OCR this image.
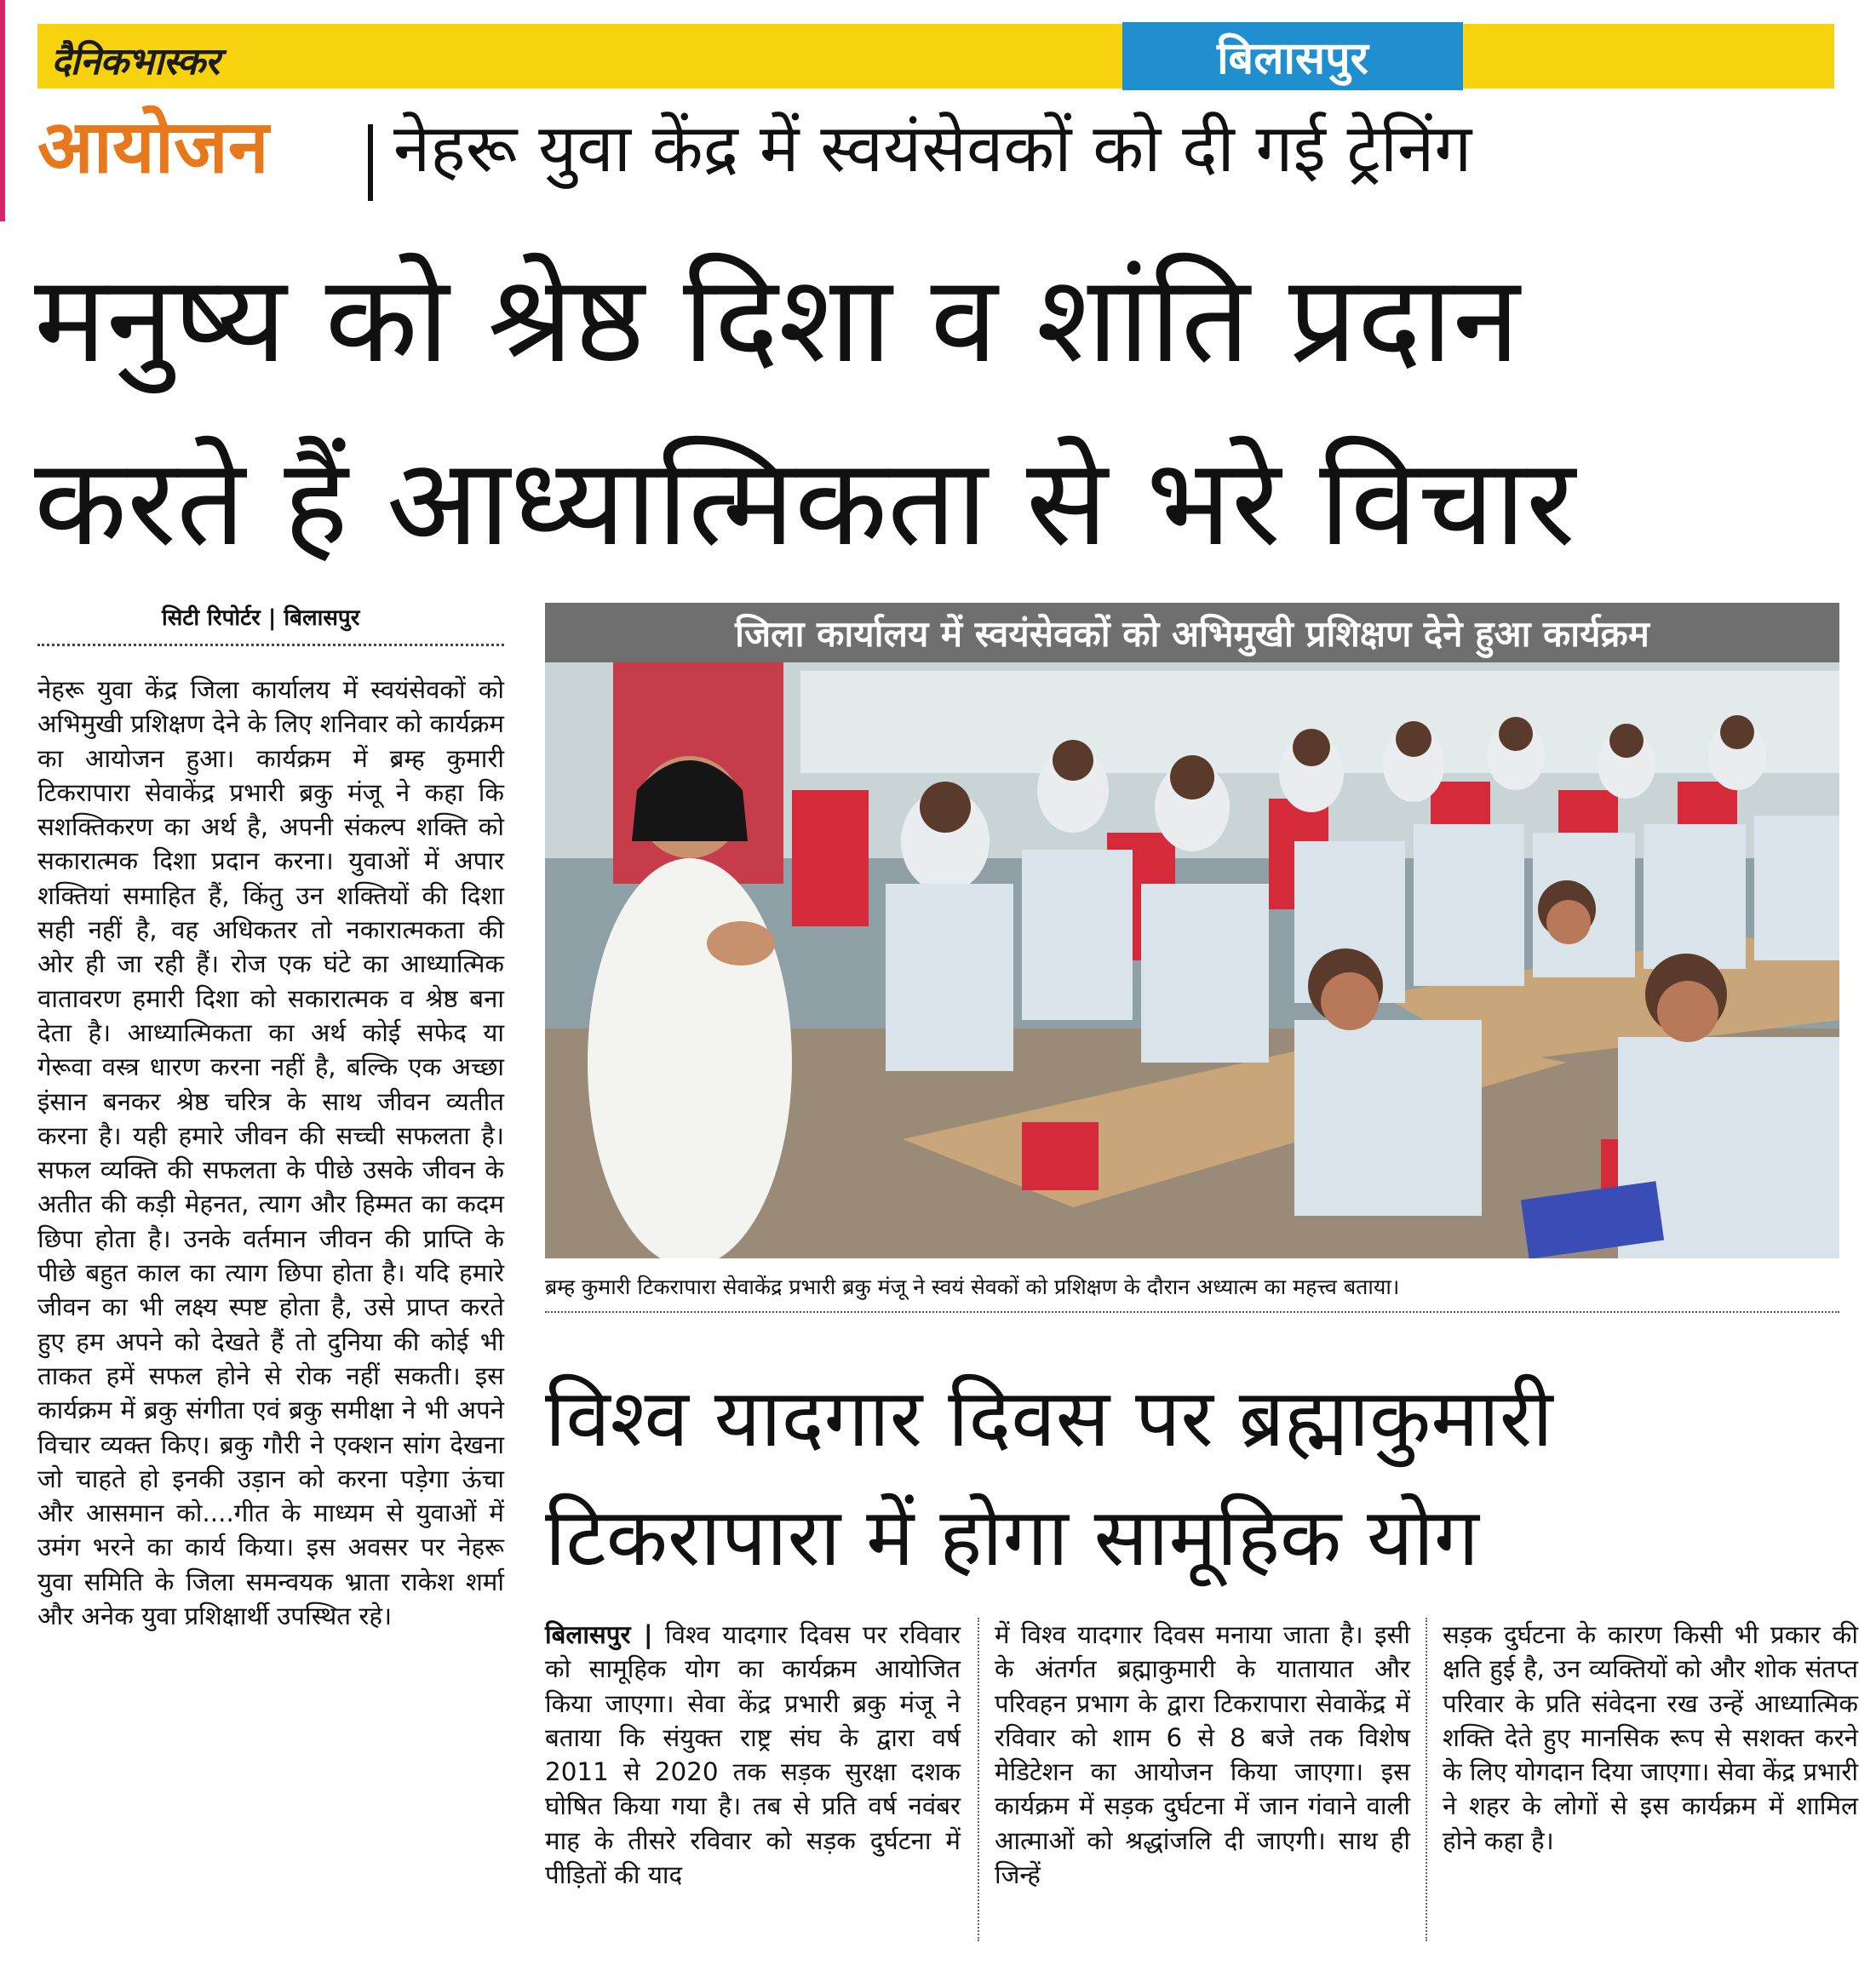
दैनिकभास्कर	बिलासपुर
आयोजन नेहरू युवा केंद्र में स्वयंसेवकों को दी गई ट्रेनिंग
मनुष्य को श्रेष्ठ दिशा व शांति प्रदान
करते हैं आध्यात्मिकता से भरे विचार
सिटी रिपोर्टर | बिलासपुर
नेहरू युवा केंद्र जिला कार्यालय में स्वयंसेवकों को अभिमुखी प्रशिक्षण देने के लिए शनिवार को कार्यक्रम का आयोजन हुआ। कार्यक्रम में ब्रम्ह कुमारी टिकरापारा सेवाकेंद्र प्रभारी ब्रकु मंजू ने कहा कि सशक्तिकरण का अर्थ है, अपनी संकल्प शक्ति को सकारात्मक दिशा प्रदान करना। युवाओं में अपार शक्तियां समाहित हैं, किंतु उन शक्तियों की दिशा सही नहीं है, वह अधिकतर तो नकारात्मकता की ओर ही जा रही हैं। रोज एक घंटे का आध्यात्मिक वातावरण हमारी दिशा को सकारात्मक व श्रेष्ठ बना देता है। आध्यात्मिकता का अर्थ कोई सफेद या गेरूवा वस्त्र धारण करना नहीं है, बल्कि एक अच्छा इंसान बनकर श्रेष्ठ चरित्र के साथ जीवन व्यतीत करना है। यही हमारे जीवन की सच्ची सफलता है। सफल व्यक्ति की सफलता के पीछे उसके जीवन के अतीत की कड़ी मेहनत, त्याग और हिम्मत का कदम छिपा होता है। उनके वर्तमान जीवन की प्राप्ति के पीछे बहुत काल का त्याग छिपा होता है। यदि हमारे जीवन का भी लक्ष्य स्पष्ट होता है, उसे प्राप्त करते हुए हम अपने को देखते हैं तो दुनिया की कोई भी ताकत हमें सफल होने से रोक नहीं सकती। इस कार्यक्रम में ब्रकु संगीता एवं ब्रकु समीक्षा ने भी अपने विचार व्यक्त किए। ब्रकु गौरी ने एक्शन सांग देखना जो चाहते हो इनकी उड़ान को करना पड़ेगा ऊंचा और आसमान को....गीत के माध्यम से युवाओं में उमंग भरने का कार्य किया। इस अवसर पर नेहरू युवा समिति के जिला समन्वयक भ्राता राकेश शर्मा और अनेक युवा प्रशिक्षार्थी उपस्थित रहे।
जिला कार्यालय में स्वयंसेवकों को अभिमुखी प्रशिक्षण देने हुआ कार्यक्रम
ब्रम्ह कुमारी टिकरापारा सेवाकेंद्र प्रभारी ब्रकु मंजू ने स्वयं सेवकों को प्रशिक्षण के दौरान अध्यात्म का महत्त्व बताया।
विश्व यादगार दिवस पर ब्रह्माकुमारी
टिकरापारा में होगा सामूहिक योग
बिलासपुर | विश्व यादगार दिवस पर रविवार को सामूहिक योग का कार्यक्रम आयोजित किया जाएगा। सेवा केंद्र प्रभारी ब्रकु मंजू ने बताया कि संयुक्त राष्ट्र संघ के द्वारा वर्ष 2011 से 2020 तक सड़क सुरक्षा दशक घोषित किया गया है। तब से प्रति वर्ष नवंबर माह के तीसरे रविवार को सड़क दुर्घटना में पीड़ितों की याद
में विश्व यादगार दिवस मनाया जाता है। इसी के अंतर्गत ब्रह्माकुमारी के यातायात और परिवहन प्रभाग के द्वारा टिकरापारा सेवाकेंद्र में रविवार को शाम 6 से 8 बजे तक विशेष मेडिटेशन का आयोजन किया जाएगा। इस कार्यक्रम में सड़क दुर्घटना में जान गंवाने वाली आत्माओं को श्रद्धांजलि दी जाएगी। साथ ही जिन्हें
सड़क दुर्घटना के कारण किसी भी प्रकार की क्षति हुई है, उन व्यक्तियों को और शोक संतप्त परिवार के प्रति संवेदना रख उन्हें आध्यात्मिक शक्ति देते हुए मानसिक रूप से सशक्त करने के लिए योगदान दिया जाएगा। सेवा केंद्र प्रभारी ने शहर के लोगों से इस कार्यक्रम में शामिल होने कहा है।
